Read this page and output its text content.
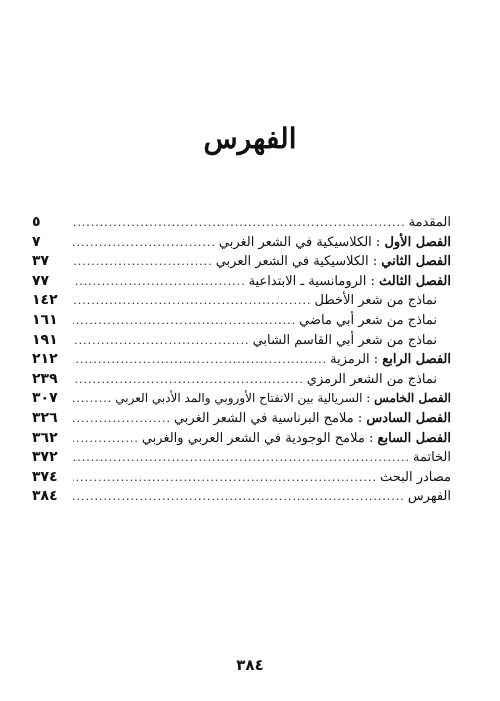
الفهرس
المقدمة
.....
٥
الفصل الأول : الكلاسيكية في الشعر الغربي
.....
٧
الفصل الثاني : الكلاسيكية في الشعر العربي
.....
٣٧
الفصل الثالث : الرومانسية ـ الابتداعية
.....
٧٧
نماذج من شعر الأخطل
.....
١٤٢
نماذج من شعر أبي ماضي
.....
١٦١
نماذج من شعر أبي القاسم الشابي
.....
١٩١
الفصل الرابع : الرمزية
.....
٢١٢
نماذج من الشعر الرمزي
.....
٢٣٩
الفصل الخامس : السريالية بين الانفتاح الأوروبي والمد الأدبي العربي
.....
٣٠٧
الفصل السادس : ملامح البرناسية في الشعر الغربي
.....
٣٢٦
الفصل السابع : ملامح الوجودية في الشعر العربي والغربي
.....
٣٦٢
الخاتمة
.....
٣٧٢
مصادر البحث
.....
٣٧٤
الفهرس
.....
٣٨٤
٣٨٤
